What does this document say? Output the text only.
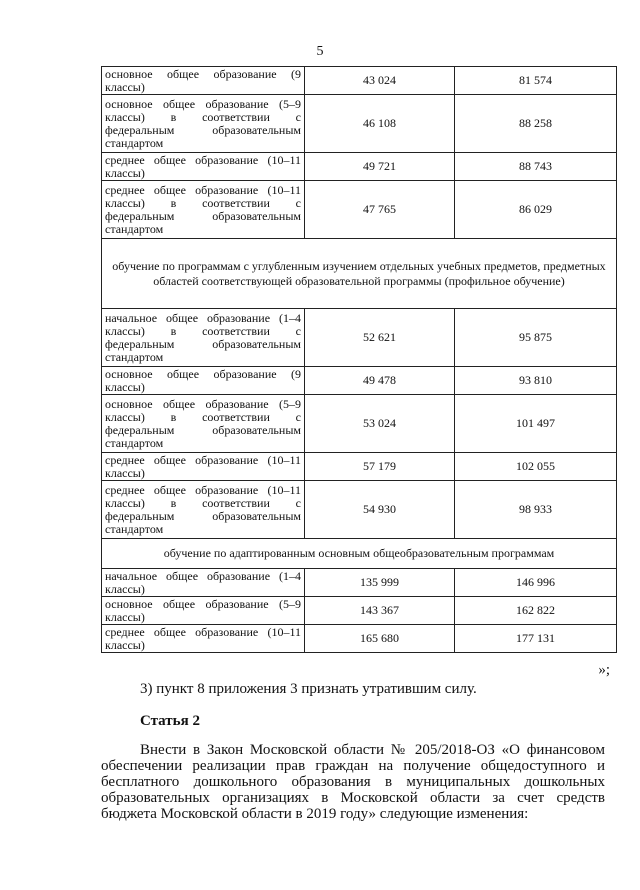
5
основное общее образование (9 классы)	43 024	81 574
основное общее образование (5–9 классы) в соответствии с федеральным образовательным стандартом	46 108	88 258
среднее общее образование (10–11 классы)	49 721	88 743
среднее общее образование (10–11 классы) в соответствии с федеральным образовательным стандартом	47 765	86 029
обучение по программам с углубленным изучением отдельных учебных предметов, предметных областей соответствующей образовательной программы (профильное обучение)		
начальное общее образование (1–4 классы) в соответствии с федеральным образовательным стандартом	52 621	95 875
основное общее образование (9 классы)	49 478	93 810
основное общее образование (5–9 классы) в соответствии с федеральным образовательным стандартом	53 024	101 497
среднее общее образование (10–11 классы)	57 179	102 055
среднее общее образование (10–11 классы) в соответствии с федеральным образовательным стандартом	54 930	98 933
обучение по адаптированным основным общеобразовательным программам		
начальное общее образование (1–4 классы)	135 999	146 996
основное общее образование (5–9 классы)	143 367	162 822
среднее общее образование (10–11 классы)	165 680	177 131
»;
3) пункт 8 приложения 3 признать утратившим силу.
Статья 2

Внести в Закон Московской области № 205/2018-ОЗ «О финансовом обеспечении реализации прав граждан на получение общедоступного и бесплатного дошкольного образования в муниципальных дошкольных образовательных организациях в Московской области за счет средств бюджета Московской области в 2019 году» следующие изменения:
